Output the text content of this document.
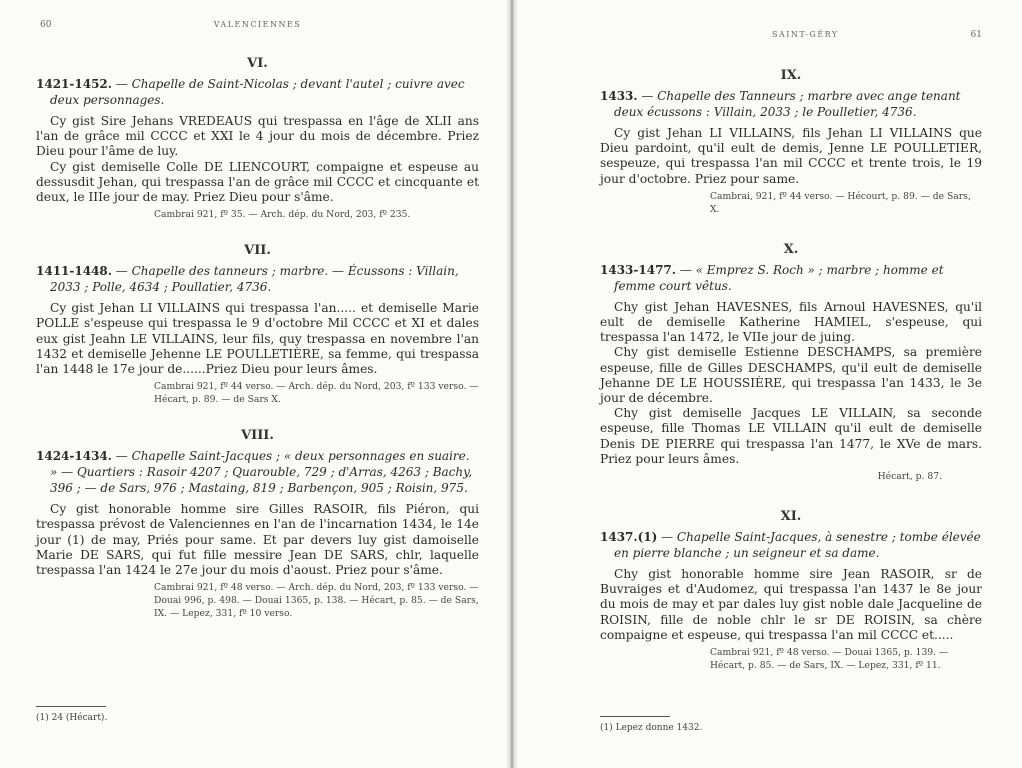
60	VALENCIENNES

VI.

1421-1452. — Chapelle de Saint-Nicolas ; devant l'autel ; cuivre avec deux personnages.

Cy gist Sire Jehans VREDEAUS qui trespassa en l'âge de XLII ans l'an de grâce mil CCCC et XXI le 4 jour du mois de décembre. Priez Dieu pour l'âme de luy.

Cy gist demiselle Colle DE LIENCOURT, compaigne et espeuse au dessusdit Jehan, qui trespassa l'an de grâce mil CCCC et cincquante et deux, le IIIe jour de may. Priez Dieu pour s'âme.

Cambrai 921, fº 35. — Arch. dép. du Nord, 203, fº 235.

VII.

1411-1448. — Chapelle des tanneurs ; marbre. — Écussons : Villain, 2033 ; Polle, 4634 ; Poullatier, 4736.

Cy gist Jehan LI VILLAINS qui trespassa l'an..... et demiselle Marie POLLE s'espeuse qui trespassa le 9 d'octobre Mil CCCC et XI et dales eux gist Jeahn LE VILLAINS, leur fils, quy trespassa en novembre l'an 1432 et demiselle Jehenne LE POULLETIÈRE, sa femme, qui trespassa l'an 1448 le 17e jour de......Priez Dieu pour leurs âmes.

Cambrai 921, fº 44 verso. — Arch. dép. du Nord, 203, fº 133 verso. — Hécart, p. 89. — de Sars X.

VIII.

1424-1434. — Chapelle Saint-Jacques ; « deux personnages en suaire. » — Quartiers : Rasoir 4207 ; Quarouble, 729 ; d'Arras, 4263 ; Bachy, 396 ; — de Sars, 976 ; Mastaing, 819 ; Barbençon, 905 ; Roisin, 975.

Cy gist honorable homme sire Gilles RASOIR, fils Piéron, qui trespassa prévost de Valenciennes en l'an de l'incarnation 1434, le 14e jour (1) de may, Priés pour same. Et par devers luy gist damoiselle Marie DE SARS, qui fut fille messire Jean DE SARS, chlr, laquelle trespassa l'an 1424 le 27e jour du mois d'aoust. Priez pour s'âme.

Cambrai 921, fº 48 verso. — Arch. dép. du Nord, 203, fº 133 verso. — Douai 996, p. 498. — Douai 1365, p. 138. — Hécart, p. 85. — de Sars, IX. — Lepez, 331, fº 10 verso.

(1) 24 (Hécart).

SAINT-GÉRY	61

IX.

1433. — Chapelle des Tanneurs ; marbre avec ange tenant deux écussons : Villain, 2033 ; le Poulletier, 4736.

Cy gist Jehan LI VILLAINS, fils Jehan LI VILLAINS que Dieu pardoint, qu'il eult de demis, Jenne LE POULLETIER, sespeuze, qui trespassa l'an mil CCCC et trente trois, le 19 jour d'octobre. Priez pour same.

Cambrai, 921, fº 44 verso. — Hécourt, p. 89. — de Sars, X.

X.

1433-1477. — « Emprez S. Roch » ; marbre ; homme et femme court vêtus.

Chy gist Jehan HAVESNES, fils Arnoul HAVESNES, qu'il eult de demiselle Katherine HAMIEL, s'espeuse, qui trespassa l'an 1472, le VIIe jour de juing.

Chy gist demiselle Estienne DESCHAMPS, sa première espeuse, fille de Gilles DESCHAMPS, qu'il eult de demiselle Jehanne DE LE HOUSSIÈRE, qui trespassa l'an 1433, le 3e jour de décembre.

Chy gist demiselle Jacques LE VILLAIN, sa seconde espeuse, fille Thomas LE VILLAIN qu'il eult de demiselle Denis DE PIERRE qui trespassa l'an 1477, le XVe de mars. Priez pour leurs âmes.

Hécart, p. 87.

XI.

1437.(1) — Chapelle Saint-Jacques, à senestre ; tombe élevée en pierre blanche ; un seigneur et sa dame.

Chy gist honorable homme sire Jean RASOIR, sr de Buvraiges et d'Audomez, qui trespassa l'an 1437 le 8e jour du mois de may et par dales luy gist noble dale Jacqueline de ROISIN, fille de noble chlr le sr DE ROISIN, sa chère compaigne et espeuse, qui trespassa l'an mil CCCC et.....

Cambrai 921, fº 48 verso. — Douai 1365, p. 139. — Hécart, p. 85. — de Sars, IX. — Lepez, 331, fº 11.

(1) Lepez donne 1432.
